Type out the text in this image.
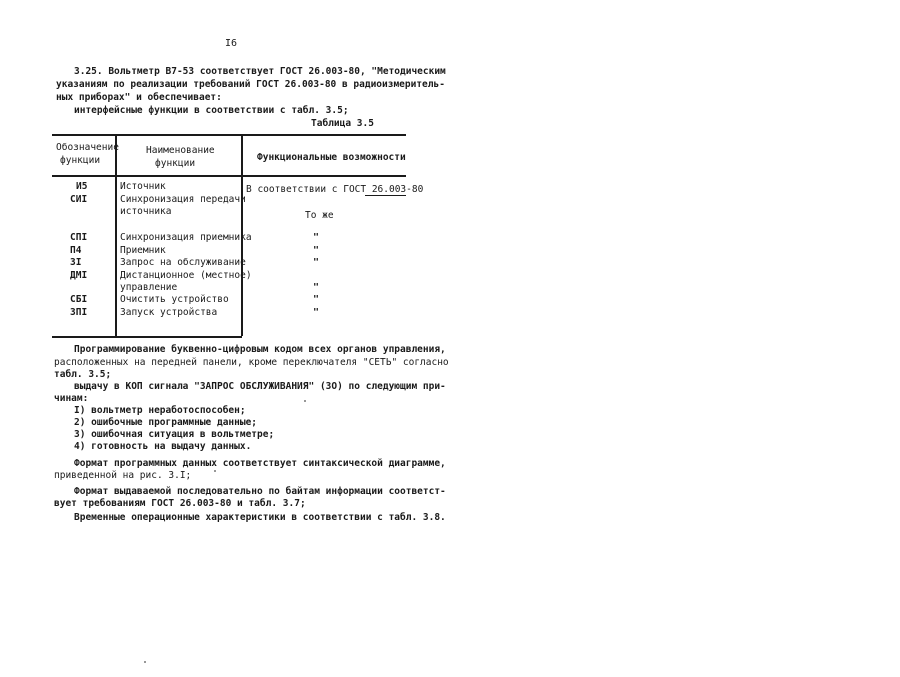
I6
3.25. Вольтметр В7-53 соответствует ГОСТ 26.003-80, "Методическим
указаниям по реализации требований ГОСТ 26.003-80 в радиоизмеритель-
ных приборах" и обеспечивает:
интерфейсные функции в соответствии с табл. 3.5;
Таблица 3.5
Обозначение
функции
Наименование
функции
Функциональные возможности
И5
СИI
СПI
П4
ЗI
ДМI
СБI
ЗПI
Источник
Синхронизация передачи
источника
Синхронизация приемника
Приемник
Запрос на обслуживание
Дистанционное (местное)
управление
Очистить устройство
Запуск устройства
В соответствии с ГОСТ 26.003-80
То же
"
"
"
"
"
"
Программирование буквенно-цифровым кодом всех органов управления,
расположенных на передней панели, кроме переключателя "СЕТЬ" согласно
табл. 3.5;
выдачу в КОП сигнала "ЗАПРОС ОБСЛУЖИВАНИЯ" (ЗО) по следующим при-
чинам:
I) вольтметр неработоспособен;
2) ошибочные программные данные;
3) ошибочная ситуация в вольтметре;
4) готовность на выдачу данных.
Формат программных данных соответствует синтаксической диаграмме,
приведенной на рис. 3.I;
Формат выдаваемой последовательно по байтам информации соответст-
вует требованиям ГОСТ 26.003-80 и табл. 3.7;
Временные операционные характеристики в соответствии с табл. 3.8.
